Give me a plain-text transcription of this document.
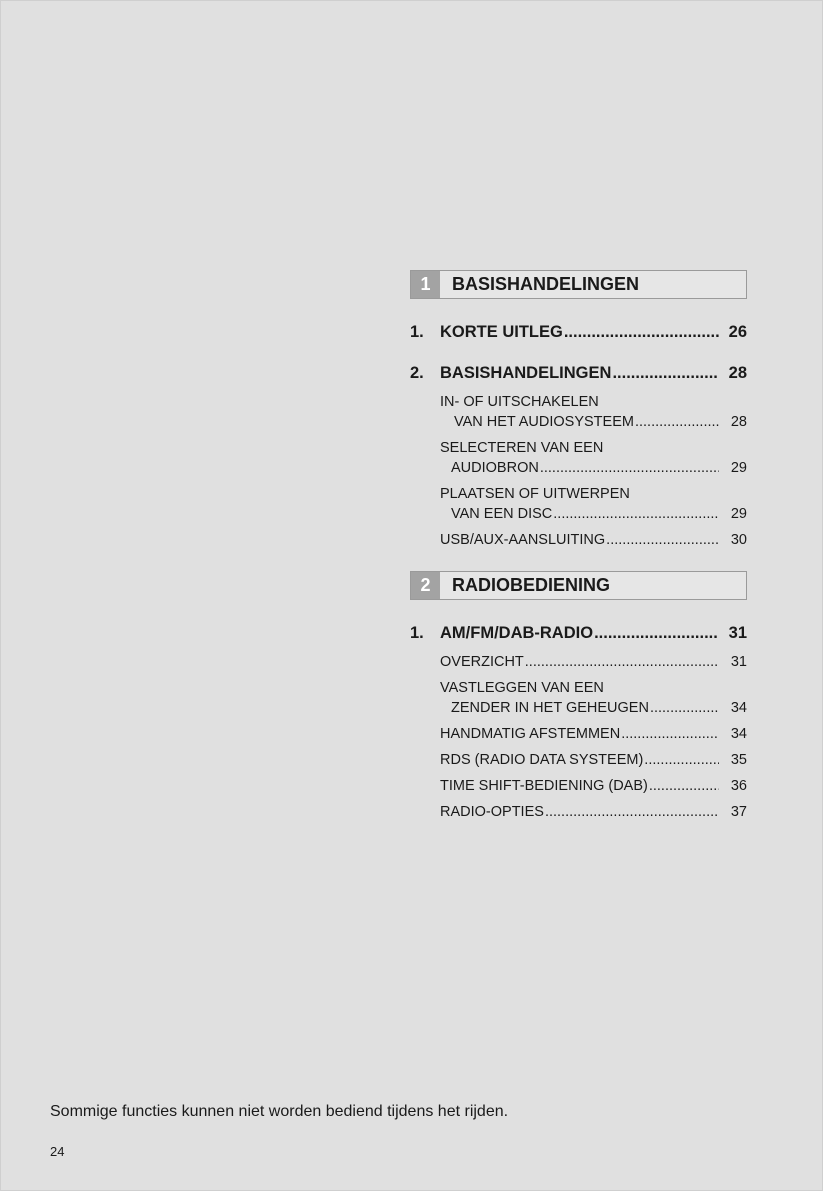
1	BASISHANDELINGEN
1. KORTE UITLEG .....	26
2. BASISHANDELINGEN .....	28
IN- OF UITSCHAKELEN
VAN HET AUDIOSYSTEEM .....	28
SELECTEREN VAN EEN
AUDIOBRON .....	29
PLAATSEN OF UITWERPEN
VAN EEN DISC .....	29
USB/AUX-AANSLUITING .....	30
2	RADIOBEDIENING
1. AM/FM/DAB-RADIO .....	31
OVERZICHT .....	31
VASTLEGGEN VAN EEN
ZENDER IN HET GEHEUGEN .....	34
HANDMATIG AFSTEMMEN .....	34
RDS (RADIO DATA SYSTEEM) .....	35
TIME SHIFT-BEDIENING (DAB) .....	36
RADIO-OPTIES .....	37
Sommige functies kunnen niet worden bediend tijdens het rijden.
24
